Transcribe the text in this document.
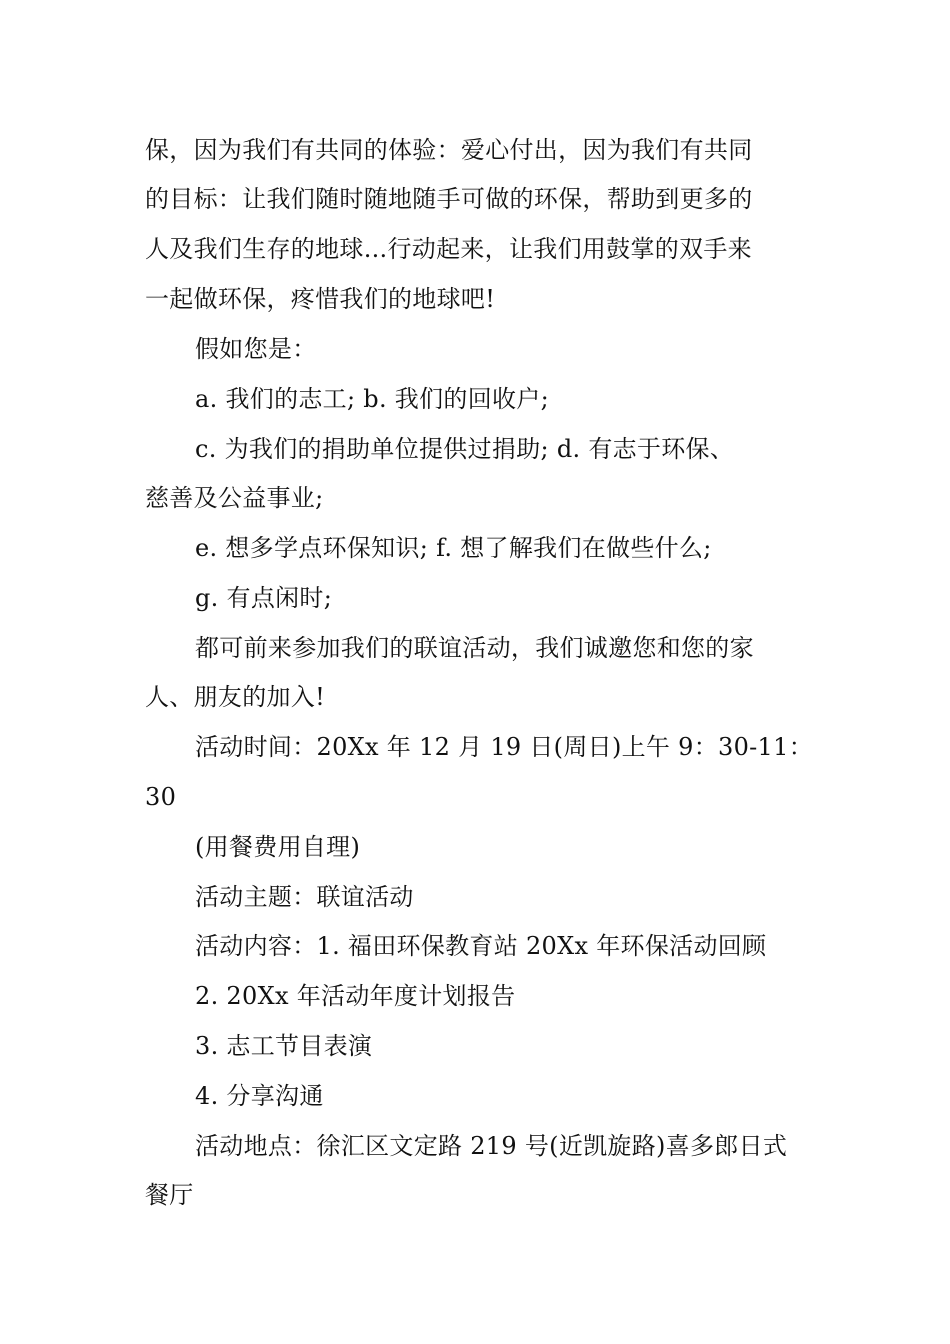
保，因为我们有共同的体验：爱心付出，因为我们有共同
的目标：让我们随时随地随手可做的环保，帮助到更多的
人及我们生存的地球...行动起来，让我们用鼓掌的双手来
一起做环保，疼惜我们的地球吧!
假如您是：
a. 我们的志工; b. 我们的回收户;
c. 为我们的捐助单位提供过捐助; d. 有志于环保、
慈善及公益事业;
e. 想多学点环保知识; f. 想了解我们在做些什么;
g. 有点闲时;
都可前来参加我们的联谊活动，我们诚邀您和您的家
人、朋友的加入!
活动时间：20Xx 年 12 月 19 日(周日)上午 9：30-11：
30
(用餐费用自理)
活动主题：联谊活动
活动内容：1. 福田环保教育站 20Xx 年环保活动回顾
2. 20Xx 年活动年度计划报告
3. 志工节目表演
4. 分享沟通
活动地点：徐汇区文定路 219 号(近凯旋路)喜多郎日式
餐厅
